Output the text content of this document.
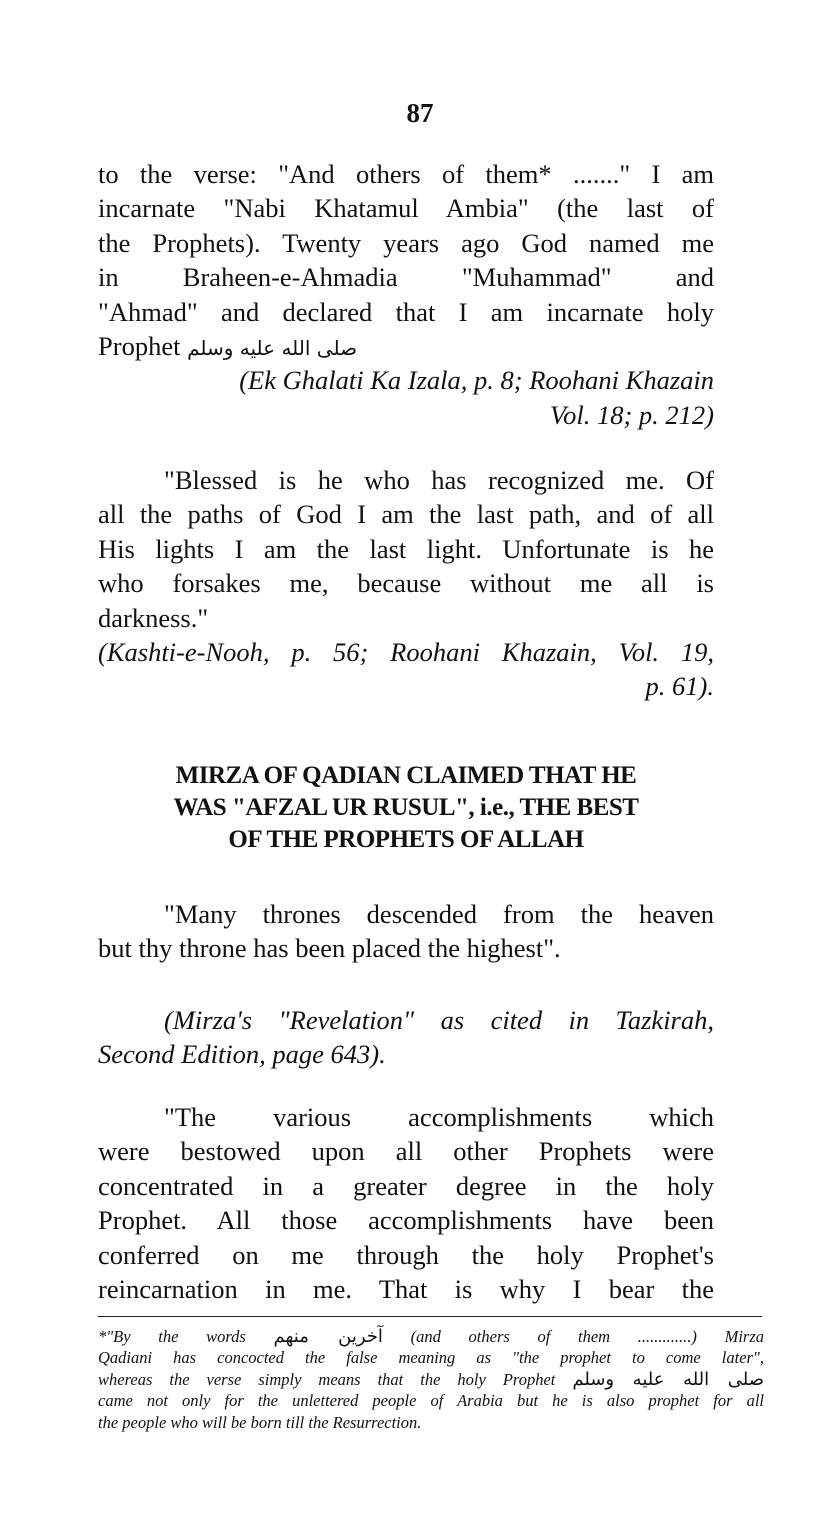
87
to the verse: "And others of them* ......." I am
incarnate "Nabi Khatamul Ambia" (the last of
the Prophets). Twenty years ago God named me
in Braheen-e-Ahmadia "Muhammad" and
"Ahmad" and declared that I am incarnate holy
Prophet صلى الله عليه وسلم
(Ek Ghalati Ka Izala, p. 8; Roohani Khazain
Vol. 18; p. 212)
"Blessed is he who has recognized me. Of
all the paths of God I am the last path, and of all
His lights I am the last light. Unfortunate is he
who forsakes me, because without me all is
darkness."
(Kashti-e-Nooh, p. 56; Roohani Khazain, Vol. 19,
p. 61).
MIRZA OF QADIAN CLAIMED THAT HE
WAS "AFZAL UR RUSUL", i.e., THE BEST
OF THE PROPHETS OF ALLAH
"Many thrones descended from the heaven
but thy throne has been placed the highest".
(Mirza's "Revelation" as cited in Tazkirah,
Second Edition, page 643).
"The various accomplishments which
were bestowed upon all other Prophets were
concentrated in a greater degree in the holy
Prophet. All those accomplishments have been
conferred on me through the holy Prophet's
reincarnation in me. That is why I bear the
*"By the words آخرين منهم (and others of them .............) Mirza
Qadiani has concocted the false meaning as "the prophet to come later",
whereas the verse simply means that the holy Prophet صلى الله عليه وسلم
came not only for the unlettered people of Arabia but he is also prophet for all
the people who will be born till the Resurrection.
